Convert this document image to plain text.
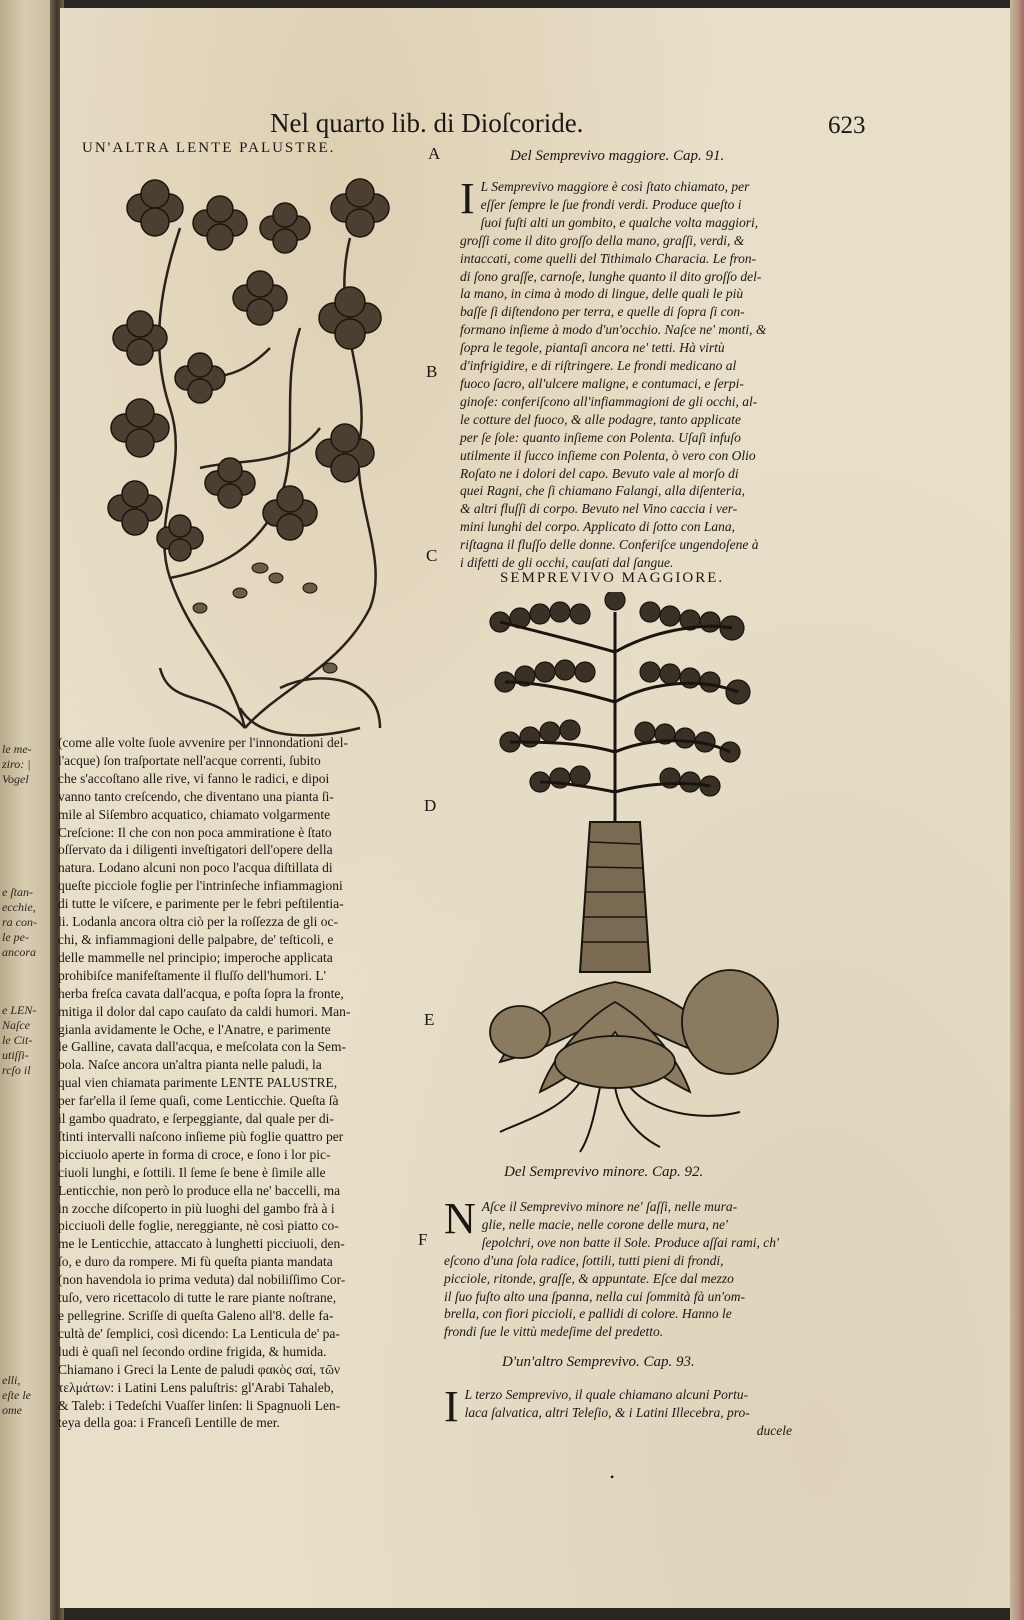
le me-
ziro: |
Vogel
e ſtan-
ecchie,
ra con-
le pe-
ancora
e LEN-
Naſce
le Cit-
utiſſi-
rcſo il
elli,
eſte le
ome
Nel quarto lib. di Dioſcoride.	623
UN'ALTRA LENTE PALUSTRE.

(come alle volte ſuole avvenire per l'innondationi del-

l'acque) ſon traſportate nell'acque correnti, ſubito

che s'accoſtano alle rive, vi fanno le radici, e dipoi

vanno tanto creſcendo, che diventano una pianta ſi-

mile al Siſembro acquatico, chiamato volgarmente

Creſcione: Il che con non poca ammiratione è ſtato

oſſervato da i diligenti inveſtigatori dell'opere della

natura. Lodano alcuni non poco l'acqua diſtillata di

queſte picciole foglie per l'intrinſeche infiammagioni

di tutte le viſcere, e parimente per le febri peſtilentia-

li. Lodanla ancora oltra ciò per la roſſezza de gli oc-

chi, & infiammagioni delle palpabre, de' teſticoli, e

delle mammelle nel principio; imperoche applicata

prohibiſce manifeſtamente il fluſſo dell'humori. L'

herba freſca cavata dall'acqua, e poſta ſopra la fronte,

mitiga il dolor dal capo cauſato da caldi humori. Man-

gianla avidamente le Oche, e l'Anatre, e parimente

le Galline, cavata dall'acqua, e meſcolata con la Sem-

bola. Naſce ancora un'altra pianta nelle paludi, la

qual vien chiamata parimente LENTE PALUSTRE,

per far'ella il ſeme quaſi, come Lenticchie. Queſta ſà

il gambo quadrato, e ſerpeggiante, dal quale per di-

ſtinti intervalli naſcono inſieme più foglie quattro per

picciuolo aperte in forma di croce, e ſono i lor pic-

ciuoli lunghi, e ſottili. Il ſeme ſe bene è ſimile alle

Lenticchie, non però lo produce ella ne' baccelli, ma

in zocche diſcoperto in più luoghi del gambo frà à i

picciuoli delle foglie, nereggiante, nè così piatto co-

me le Lenticchie, attaccato à lunghetti picciuoli, den-

ſo, e duro da rompere. Mi fù queſta pianta mandata

(non havendola io prima veduta) dal nobiliſſimo Cor-

tuſo, vero ricettacolo di tutte le rare piante noſtrane,

e pellegrine. Scriſſe di queſta Galeno all'8. delle fa-

cultà de' ſemplici, così dicendo: La Lenticula de' pa-

ludi è quaſi nel ſecondo ordine frigida, & humida.

Chiamano i Greci la Lente de paludi φακὸς σαί, τῶν

τελμάτων: i Latini Lens paluſtris: gl'Arabi Tahaleb,

& Taleb: i Tedeſchi Vuaſſer linſen: li Spagnuoli Len-

teya della goa: i Franceſi Lentille de mer.

A
B
C
D
E
F
Del Semprevivo maggiore. Cap. 91.
I L Semprevivo maggiore è così ſtato chiamato, per

eſſer ſempre le ſue frondi verdi. Produce queſto i

ſuoi fuſti alti un gombito, e qualche volta maggiori,

groſſi come il dito groſſo della mano, graſſi, verdi, &

intaccati, come quelli del Tithimalo Characia. Le fron-

di ſono graſſe, carnoſe, lunghe quanto il dito groſſo del-

la mano, in cima à modo di lingue, delle quali le più

baſſe ſi diſtendono per terra, e quelle di ſopra ſi con-

formano inſieme à modo d'un'occhio. Naſce ne' monti, &

ſopra le tegole, piantaſi ancora ne' tetti. Hà virtù

d'infrigidire, e di riſtringere. Le frondi medicano al

fuoco ſacro, all'ulcere maligne, e contumaci, e ſerpi-

ginoſe: conferiſcono all'infiammagioni de gli occhi, al-

le cotture del fuoco, & alle podagre, tanto applicate

per ſe ſole: quanto inſieme con Polenta. Uſaſi infuſo

utilmente il ſucco inſieme con Polenta, ò vero con Olio

Roſato ne i dolori del capo. Bevuto vale al morſo di

quei Ragni, che ſi chiamano Falangi, alla diſenteria,

& altri fluſſi di corpo. Bevuto nel Vino caccia i ver-

mini lunghi del corpo. Applicato di ſotto con Lana,

riſtagna il fluſſo delle donne. Conferiſce ungendoſene à

i difetti de gli occhi, cauſati dal ſangue.

SEMPREVIVO MAGGIORE.
Del Semprevivo minore. Cap. 92.
N Aſce il Semprevivo minore ne' ſaſſi, nelle mura-

glie, nelle macie, nelle corone delle mura, ne'

ſepolchri, ove non batte il Sole. Produce aſſai rami, ch'

eſcono d'una ſola radice, ſottili, tutti pieni di frondi,

picciole, ritonde, graſſe, & appuntate. Eſce dal mezzo

il ſuo fuſto alto una ſpanna, nella cui ſommità fà un'om-

brella, con fiori piccioli, e pallidi di colore. Hanno le

frondi ſue le vittù medeſime del predetto.

D'un'altro Semprevivo. Cap. 93.
I L terzo Semprevivo, il quale chiamano alcuni Portu-

laca ſalvatica, altri Teleſio, & i Latini Illecebra, pro-

ducele

•
